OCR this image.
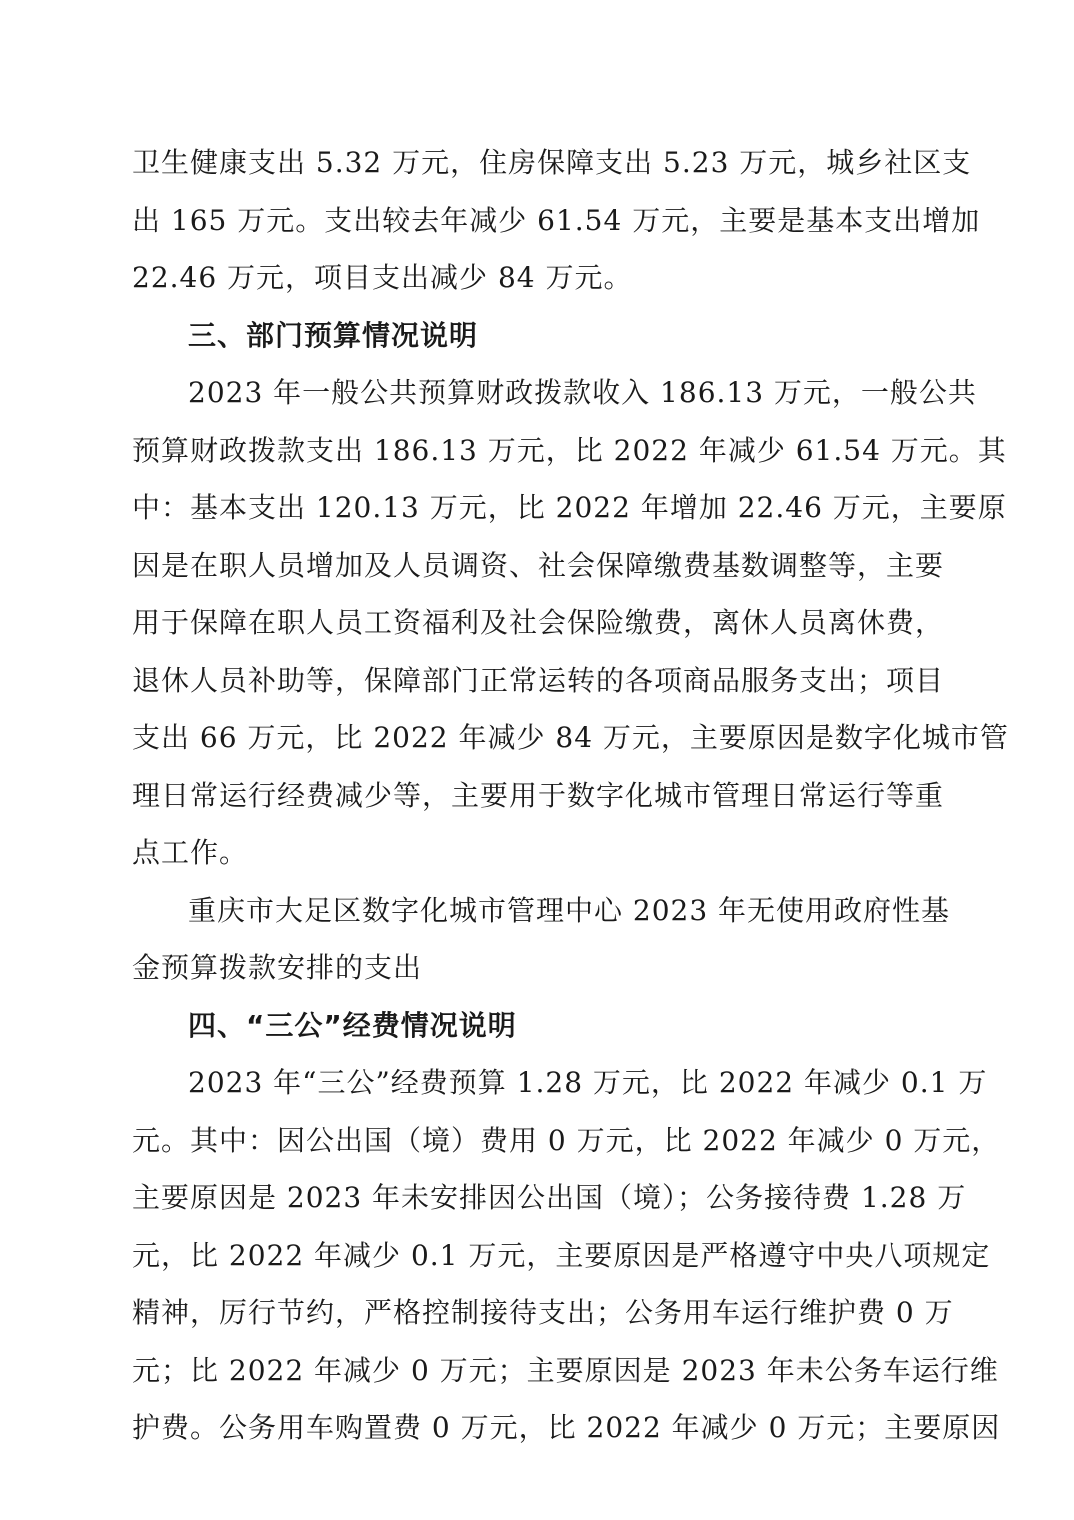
卫生健康支出 5.32 万元，住房保障支出 5.23 万元，城乡社区支
出 165 万元。支出较去年减少 61.54 万元，主要是基本支出增加
22.46 万元，项目支出减少 84 万元。
三、部门预算情况说明
2023 年一般公共预算财政拨款收入 186.13 万元，一般公共
预算财政拨款支出 186.13 万元，比 2022 年减少 61.54 万元。其
中：基本支出 120.13 万元，比 2022 年增加 22.46 万元，主要原
因是在职人员增加及人员调资、社会保障缴费基数调整等，主要
用于保障在职人员工资福利及社会保险缴费，离休人员离休费，
退休人员补助等，保障部门正常运转的各项商品服务支出；项目
支出 66 万元，比 2022 年减少 84 万元，主要原因是数字化城市管
理日常运行经费减少等，主要用于数字化城市管理日常运行等重
点工作。
重庆市大足区数字化城市管理中心 2023 年无使用政府性基
金预算拨款安排的支出
四、“三公”经费情况说明
2023 年“三公”经费预算 1.28 万元，比 2022 年减少 0.1 万
元。其中：因公出国（境）费用 0 万元，比 2022 年减少 0 万元，
主要原因是 2023 年未安排因公出国（境）；公务接待费 1.28 万
元，比 2022 年减少 0.1 万元，主要原因是严格遵守中央八项规定
精神，厉行节约，严格控制接待支出；公务用车运行维护费 0 万
元；比 2022 年减少 0 万元；主要原因是 2023 年未公务车运行维
护费。公务用车购置费 0 万元，比 2022 年减少 0 万元；主要原因
